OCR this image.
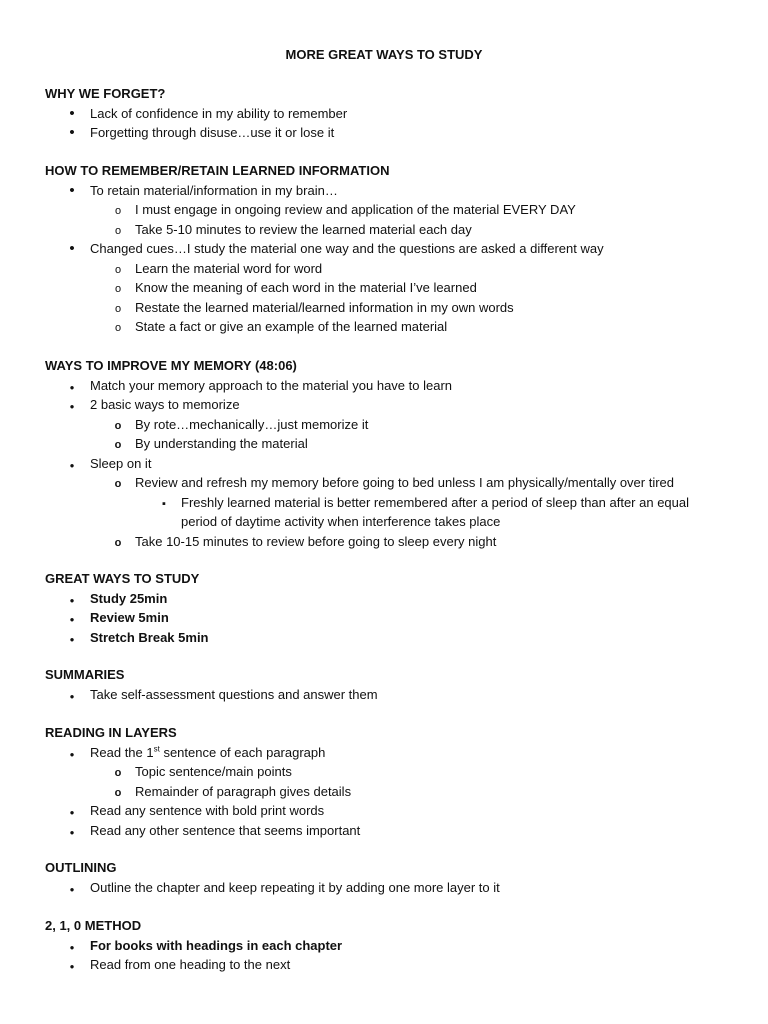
MORE GREAT WAYS TO STUDY
WHY WE FORGET?
•
Lack of confidence in my ability to remember
•
Forgetting through disuse…use it or lose it
HOW TO REMEMBER/RETAIN LEARNED INFORMATION
•
To retain material/information in my brain…
o
I must engage in ongoing review and application of the material EVERY DAY
o
Take 5-10 minutes to review the learned material each day
•
Changed cues…I study the material one way and the questions are asked a different way
o
Learn the material word for word
o
Know the meaning of each word in the material I’ve learned
o
Restate the learned material/learned information in my own words
o
State a fact or give an example of the learned material
WAYS TO IMPROVE MY MEMORY (48:06)
●
Match your memory approach to the material you have to learn
●
2 basic ways to memorize
o
By rote…mechanically…just memorize it
o
By understanding the material
●
Sleep on it
o
Review and refresh my memory before going to bed unless I am physically/mentally over tired
▪
Freshly learned material is better remembered after a period of sleep than after an equal period of daytime activity when interference takes place
o
Take 10-15 minutes to review before going to sleep every night
GREAT WAYS TO STUDY
●
Study 25min
●
Review 5min
●
Stretch Break 5min
SUMMARIES
●
Take self-assessment questions and answer them
READING IN LAYERS
●
Read the 1st sentence of each paragraph
o
Topic sentence/main points
o
Remainder of paragraph gives details
●
Read any sentence with bold print words
●
Read any other sentence that seems important
OUTLINING
●
Outline the chapter and keep repeating it by adding one more layer to it
2, 1, 0 METHOD
●
For books with headings in each chapter
●
Read from one heading to the next
